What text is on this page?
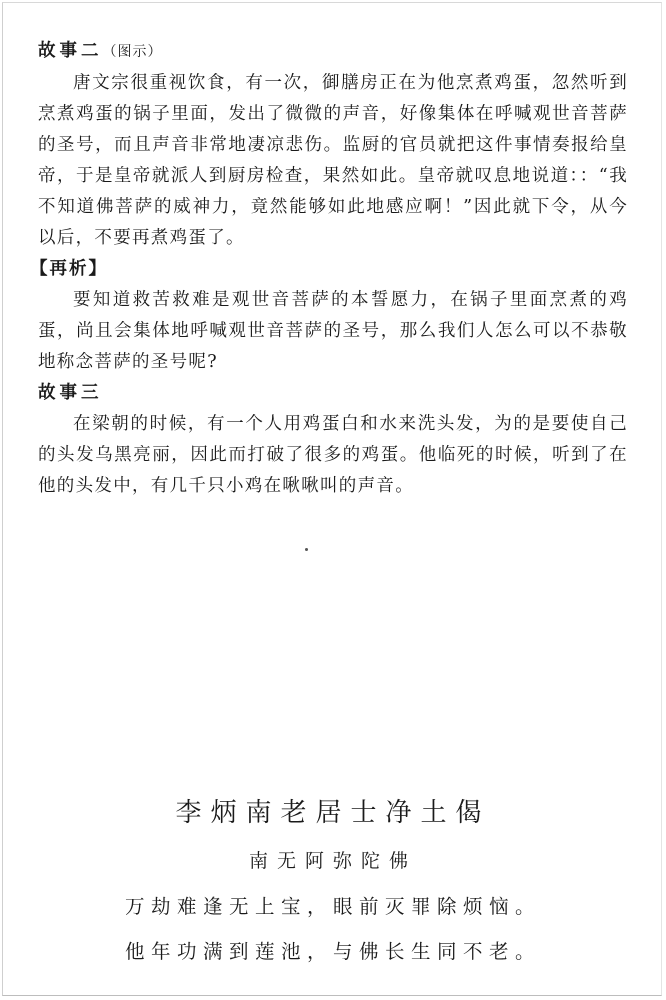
故事二（图示）

唐文宗很重视饮食，有一次，御膳房正在为他烹煮鸡蛋，忽然听到烹煮鸡蛋的锅子里面，发出了微微的声音，好像集体在呼喊观世音菩萨的圣号，而且声音非常地凄凉悲伤。监厨的官员就把这件事情奏报给皇帝，于是皇帝就派人到厨房检查，果然如此。皇帝就叹息地说道：：“我不知道佛菩萨的威神力，竟然能够如此地感应啊！”因此就下令，从今以后，不要再煮鸡蛋了。

【再析】

要知道救苦救难是观世音菩萨的本誓愿力，在锅子里面烹煮的鸡蛋，尚且会集体地呼喊观世音菩萨的圣号，那么我们人怎么可以不恭敬地称念菩萨的圣号呢?

故事三

在梁朝的时候，有一个人用鸡蛋白和水来洗头发，为的是要使自己的头发乌黑亮丽，因此而打破了很多的鸡蛋。他临死的时候，听到了在他的头发中，有几千只小鸡在啾啾叫的声音。

李炳南老居士净土偈
南无阿弥陀佛
万劫难逢无上宝，眼前灭罪除烦恼。
他年功满到莲池，与佛长生同不老。
